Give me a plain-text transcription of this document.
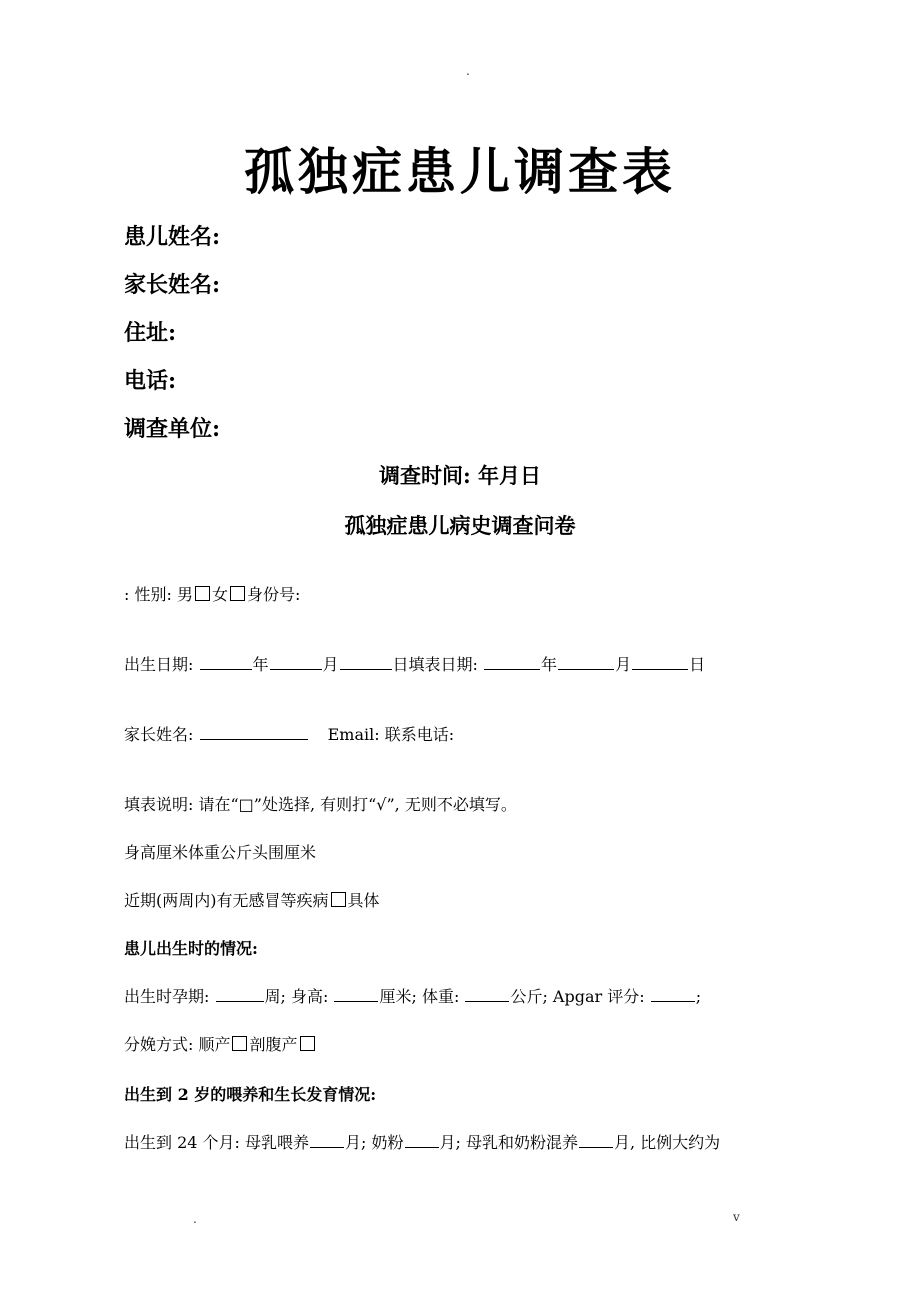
.
孤独症患儿调查表
患儿姓名:
家长姓名:
住址:
电话:
调查单位:
调查时间: 年月日
孤独症患儿病史调查问卷
: 性别: 男 女 身份号:
出生日期:	年	月	日填表日期:	年	月	日
家长姓名:	Email: 联系电话:
填表说明: 请在“□”处选择, 有则打“√”, 无则不必填写。
身高厘米体重公斤头围厘米
近期(两周内)有无感冒等疾病 具体
患儿出生时的情况:
出生时孕期:	周; 身高:	厘米; 体重:	公斤; Apgar 评分:	;
分娩方式: 顺产 剖腹产
出生到 2 岁的喂养和生长发育情况:
出生到 24 个月: 母乳喂养 月; 奶粉 月; 母乳和奶粉混养 月, 比例大约为
.	v
